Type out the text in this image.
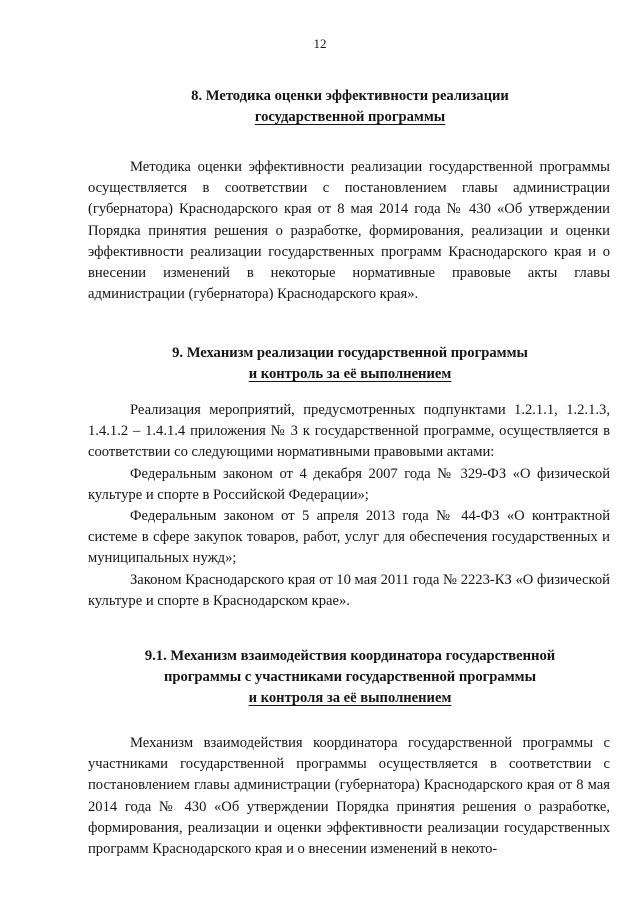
12
8. Методика оценки эффективности реализации
государственной программы

Методика оценки эффективности реализации государственной программы осуществляется в соответствии с постановлением главы администрации (губернатора) Краснодарского края от 8 мая 2014 года № 430 «Об утверждении Порядка принятия решения о разработке, формирования, реализации и оценки эффективности реализации государственных программ Краснодарского края и о внесении изменений в некоторые нормативные правовые акты главы администрации (губернатора) Краснодарского края».

9. Механизм реализации государственной программы
и контроль за её выполнением

Реализация мероприятий, предусмотренных подпунктами 1.2.1.1, 1.2.1.3, 1.4.1.2 – 1.4.1.4 приложения № 3 к государственной программе, осуществляется в соответствии со следующими нормативными правовыми актами:

Федеральным законом от 4 декабря 2007 года № 329-ФЗ «О физической культуре и спорте в Российской Федерации»;

Федеральным законом от 5 апреля 2013 года № 44-ФЗ «О контрактной системе в сфере закупок товаров, работ, услуг для обеспечения государственных и муниципальных нужд»;

Законом Краснодарского края от 10 мая 2011 года № 2223-КЗ «О физической культуре и спорте в Краснодарском крае».

9.1. Механизм взаимодействия координатора государственной
программы с участниками государственной программы
и контроля за её выполнением

Механизм взаимодействия координатора государственной программы с участниками государственной программы осуществляется в соответствии с постановлением главы администрации (губернатора) Краснодарского края от 8 мая 2014 года № 430 «Об утверждении Порядка принятия решения о разработке, формирования, реализации и оценки эффективности реализации государственных программ Краснодарского края и о внесении изменений в некото-
